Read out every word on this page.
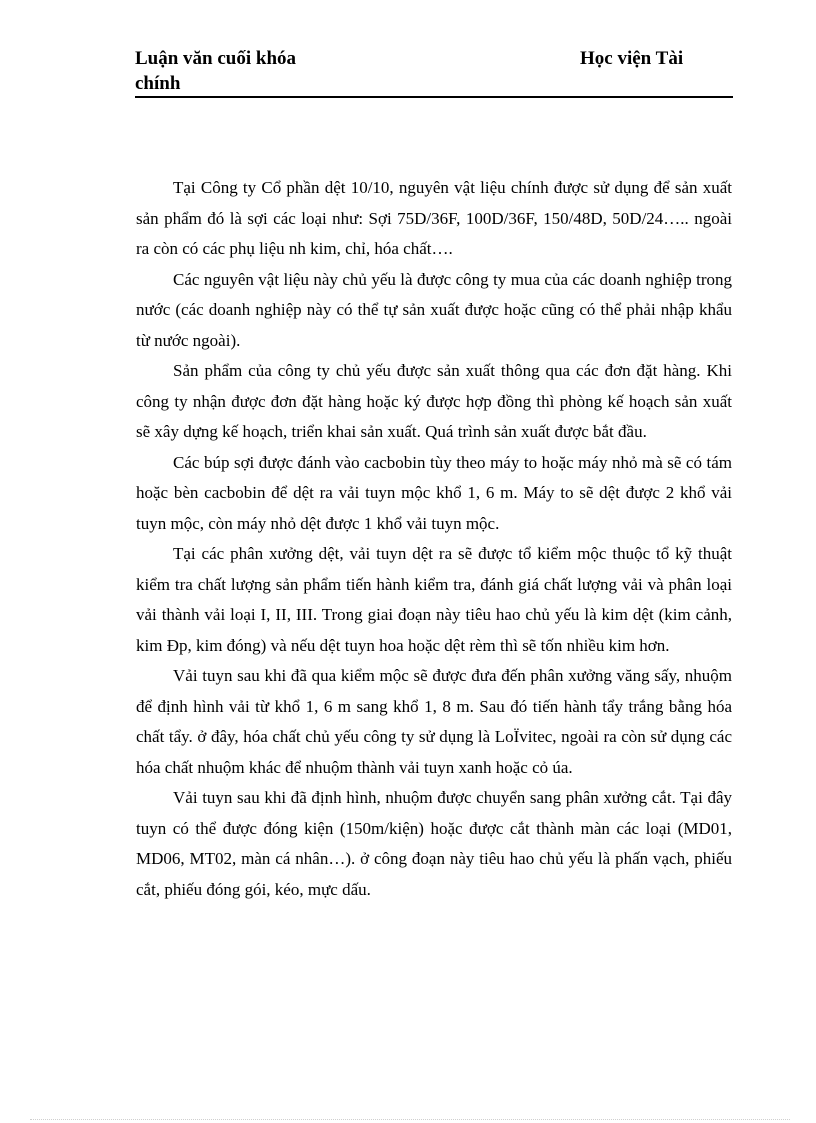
Luận văn cuối khóa chính
Học viện Tài

Tại Công ty Cổ phần dệt 10/10, nguyên vật liệu chính được sử dụng để sản xuất sản phẩm đó là sợi các loại như: Sợi 75D/36F, 100D/36F, 150/48D, 50D/24….. ngoài ra còn có các phụ liệu nh kim, chỉ, hóa chất….

Các nguyên vật liệu này chủ yếu là được công ty mua của các doanh nghiệp trong nước (các doanh nghiệp này có thể tự sản xuất được hoặc cũng có thể phải nhập khẩu từ nước ngoài).

Sản phẩm của công ty chủ yếu được sản xuất thông qua các đơn đặt hàng. Khi công ty nhận được đơn đặt hàng hoặc ký được hợp đồng thì phòng kế hoạch sản xuất sẽ xây dựng kế hoạch, triển khai sản xuất. Quá trình sản xuất được bắt đầu.

Các búp sợi được đánh vào cacbobin tùy theo máy to hoặc máy nhỏ mà sẽ có tám hoặc bèn cacbobin để dệt ra vải tuyn mộc khổ 1, 6 m. Máy to sẽ dệt được 2 khổ vải tuyn mộc, còn máy nhỏ dệt được 1 khổ vải tuyn mộc.

Tại các phân xưởng dệt, vải tuyn dệt ra sẽ được tổ kiểm mộc thuộc tổ kỹ thuật kiểm tra chất lượng sản phẩm tiến hành kiểm tra, đánh giá chất lượng vải và phân loại vải thành vải loại I, II, III. Trong giai đoạn này tiêu hao chủ yếu là kim dệt (kim cảnh, kim Đp, kim đóng) và nếu dệt tuyn hoa hoặc dệt rèm thì sẽ tốn nhiều kim hơn.

Vải tuyn sau khi đã qua kiểm mộc sẽ được đưa đến phân xưởng văng sấy, nhuộm để định hình vải từ khổ 1, 6 m sang khổ 1, 8 m. Sau đó tiến hành tẩy trắng bằng hóa chất tẩy. ở đây, hóa chất chủ yếu công ty sử dụng là LoÏvitec, ngoài ra còn sử dụng các hóa chất nhuộm khác để nhuộm thành vải tuyn xanh hoặc cỏ úa.

Vải tuyn sau khi đã định hình, nhuộm được chuyển sang phân xưởng cắt. Tại đây tuyn có thể được đóng kiện (150m/kiện) hoặc được cắt thành màn các loại (MD01, MD06, MT02, màn cá nhân…). ở công đoạn này tiêu hao chủ yếu là phấn vạch, phiếu cắt, phiếu đóng gói, kéo, mực dấu.
